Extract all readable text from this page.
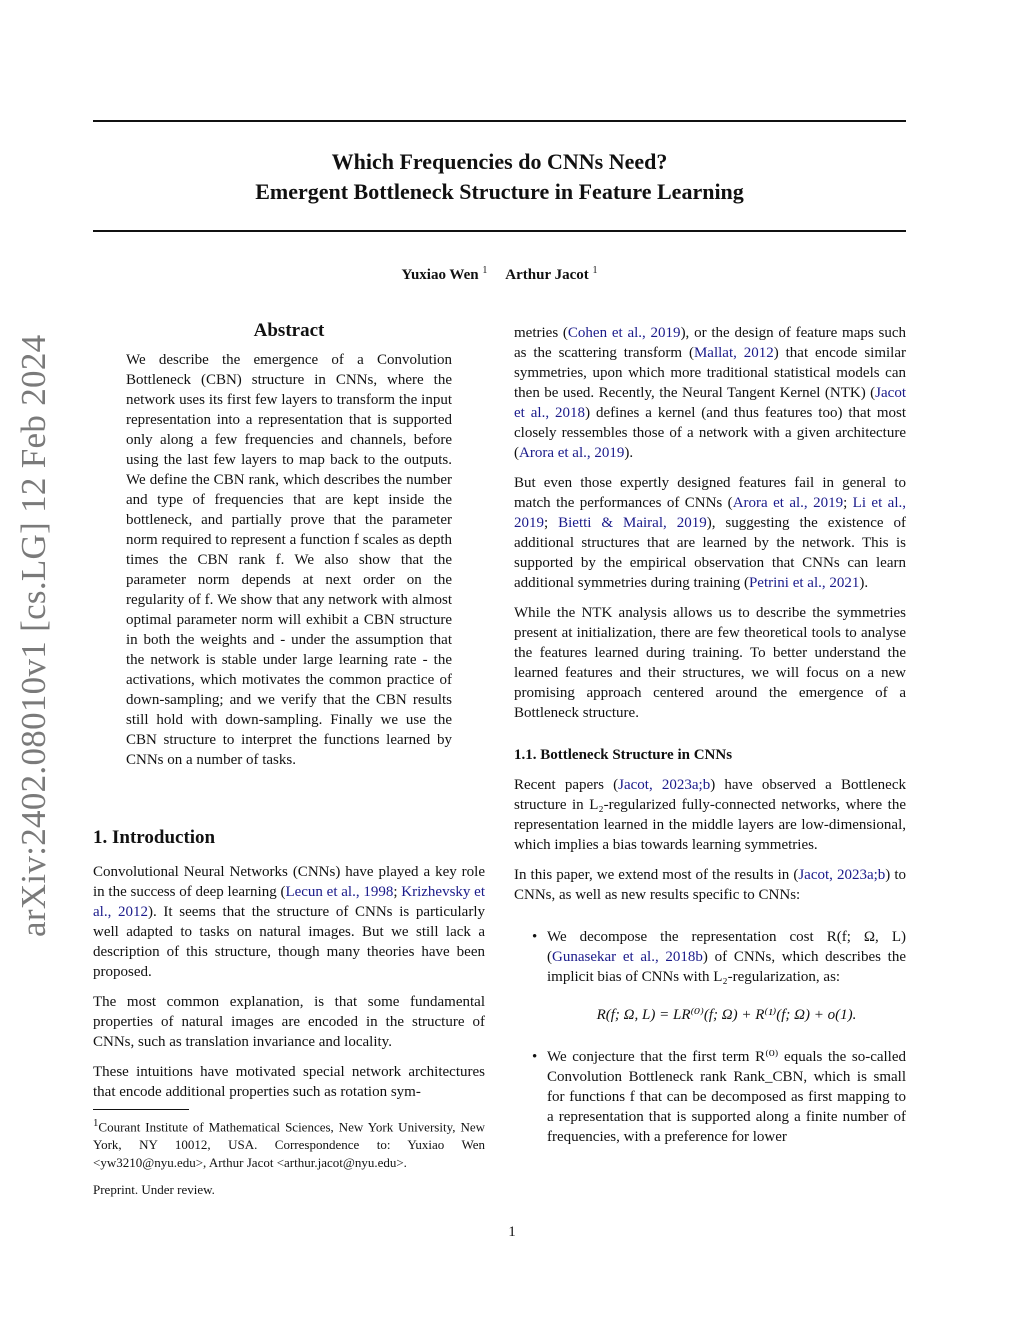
Which Frequencies do CNNs Need?
Emergent Bottleneck Structure in Feature Learning
Yuxiao Wen $^1$ Arthur Jacot $^1$
arXiv:2402.08010v1 [cs.LG] 12 Feb 2024
Abstract

We describe the emergence of a Convolution Bottleneck (CBN) structure in CNNs, where the network uses its first few layers to transform the input representation into a representation that is supported only along a few frequencies and channels, before using the last few layers to map back to the outputs. We define the CBN rank, which describes the number and type of frequencies that are kept inside the bottleneck, and partially prove that the parameter norm required to represent a function f scales as depth times the CBN rank f. We also show that the parameter norm depends at next order on the regularity of f. We show that any network with almost optimal parameter norm will exhibit a CBN structure in both the weights and - under the assumption that the network is stable under large learning rate - the activations, which motivates the common practice of down-sampling; and we verify that the CBN results still hold with down-sampling. Finally we use the CBN structure to interpret the functions learned by CNNs on a number of tasks.

1. Introduction

Convolutional Neural Networks (CNNs) have played a key role in the success of deep learning (Lecun et al., 1998; Krizhevsky et al., 2012). It seems that the structure of CNNs is particularly well adapted to tasks on natural images. But we still lack a description of this structure, though many theories have been proposed.

The most common explanation, is that some fundamental properties of natural images are encoded in the structure of CNNs, such as translation invariance and locality.

These intuitions have motivated special network architectures that encode additional properties such as rotation sym-

$^1$Courant Institute of Mathematical Sciences, New York University, New York, NY 10012, USA. Correspondence to: Yuxiao Wen <yw3210@nyu.edu>, Arthur Jacot <arthur.jacot@nyu.edu>.
Preprint. Under review.

metries (Cohen et al., 2019), or the design of feature maps such as the scattering transform (Mallat, 2012) that encode similar symmetries, upon which more traditional statistical models can then be used. Recently, the Neural Tangent Kernel (NTK) (Jacot et al., 2018) defines a kernel (and thus features too) that most closely ressembles those of a network with a given architecture (Arora et al., 2019).

But even those expertly designed features fail in general to match the performances of CNNs (Arora et al., 2019; Li et al., 2019; Bietti & Mairal, 2019), suggesting the existence of additional structures that are learned by the network. This is supported by the empirical observation that CNNs can learn additional symmetries during training (Petrini et al., 2021).

While the NTK analysis allows us to describe the symmetries present at initialization, there are few theoretical tools to analyse the features learned during training. To better understand the learned features and their structures, we will focus on a new promising approach centered around the emergence of a Bottleneck structure.

1.1. Bottleneck Structure in CNNs

Recent papers (Jacot, 2023a;b) have observed a Bottleneck structure in L₂-regularized fully-connected networks, where the representation learned in the middle layers are low-dimensional, which implies a bias towards learning symmetries.

In this paper, we extend most of the results in (Jacot, 2023a;b) to CNNs, as well as new results specific to CNNs:

• We decompose the representation cost R(f; Ω, L) (Gunasekar et al., 2018b) of CNNs, which describes the implicit bias of CNNs with L₂-regularization, as:
R(f; Ω, L) = LR⁽⁰⁾(f; Ω) + R⁽¹⁾(f; Ω) + o(1).
• We conjecture that the first term R⁽⁰⁾ equals the so-called Convolution Bottleneck rank Rank_CBN, which is small for functions f that can be decomposed as first mapping to a representation that is supported along a finite number of frequencies, with a preference for lower
1
